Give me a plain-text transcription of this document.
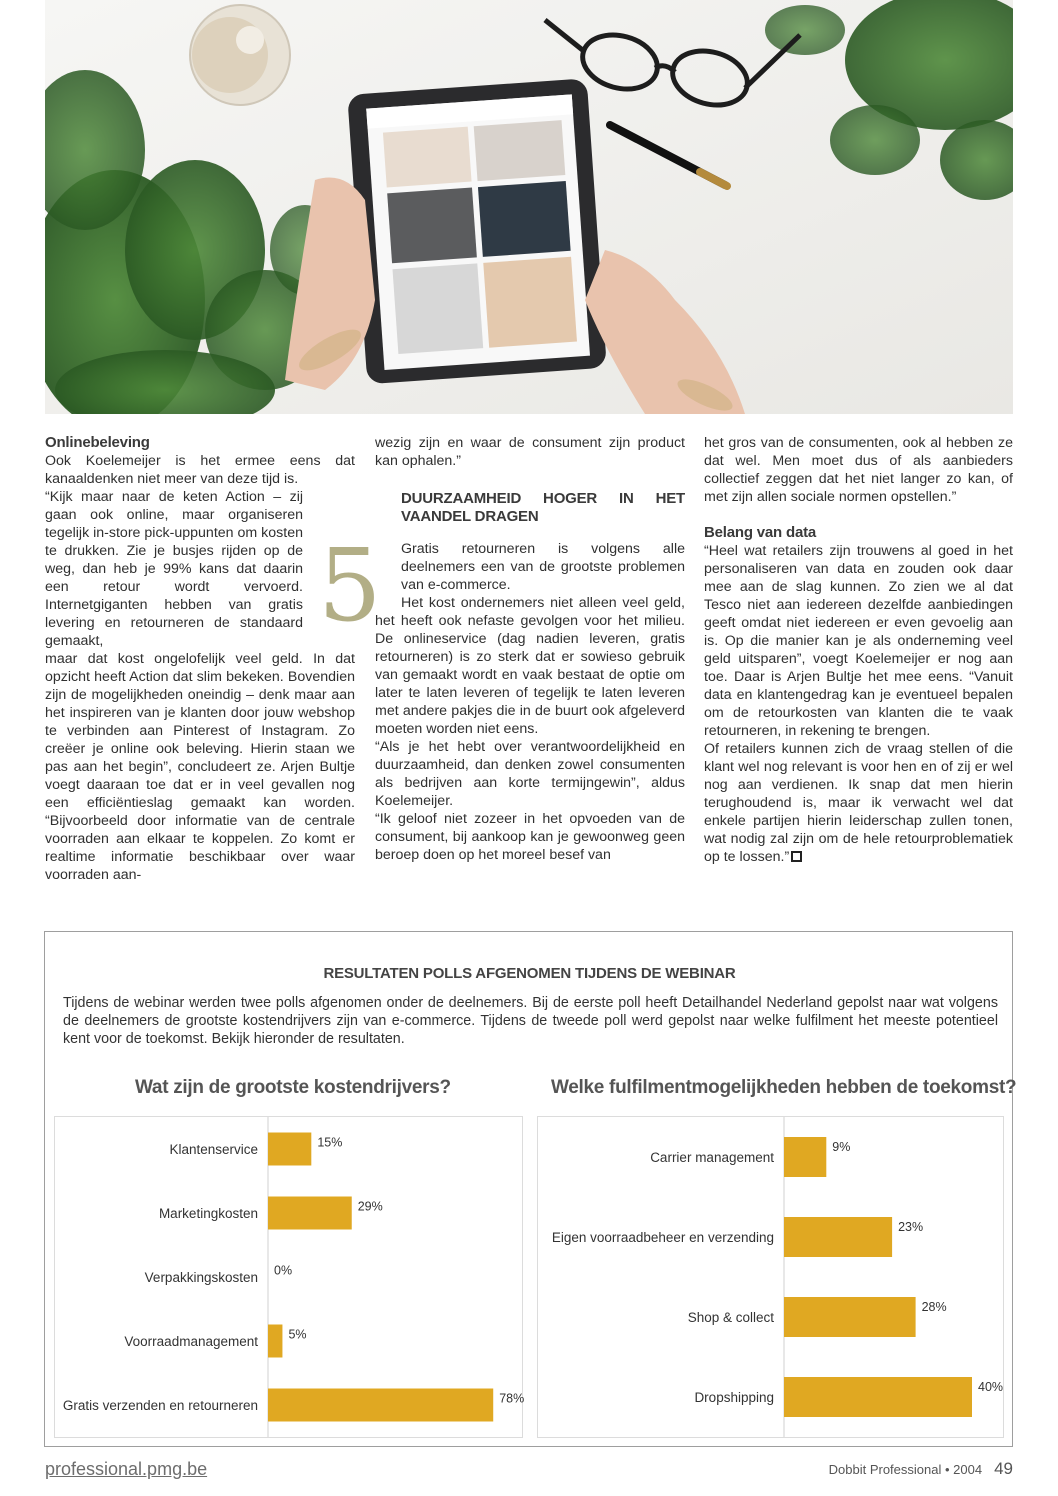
Onlinebeleving

Ook Koelemeijer is het ermee eens dat kanaaldenken niet meer van deze tijd is.

“Kijk maar naar de keten Action – zij gaan ook online, maar organiseren tegelijk in-store pick-uppunten om kosten te drukken. Zie je busjes rijden op de weg, dan heb je 99% kans dat daarin een retour wordt vervoerd. Internetgiganten hebben van gratis levering en retourneren de standaard gemaakt,

maar dat kost ongelofelijk veel geld. In dat opzicht heeft Action dat slim bekeken. Bovendien zijn de mogelijkheden oneindig – denk maar aan het inspireren van je klanten door jouw webshop te verbinden aan Pinterest of Instagram. Zo creëer je online ook beleving. Hierin staan we pas aan het begin”, concludeert ze. Arjen Bultje voegt daaraan toe dat er in veel gevallen nog een efficiëntieslag gemaakt kan worden. “Bijvoorbeeld door informatie van de centrale voorraden aan elkaar te koppelen. Zo komt er realtime informatie beschikbaar over waar voorraden aan-

5

wezig zijn en waar de consument zijn product kan ophalen.”

DUURZAAMHEID HOGER IN HET VAANDEL DRAGEN

Gratis retourneren is volgens alle deelnemers een van de grootste problemen van e-commerce.

Het kost ondernemers niet alleen veel geld, het heeft ook nefaste gevolgen voor het milieu. De onlineservice (dag nadien leveren, gratis retourneren) is zo sterk dat er sowieso gebruik van gemaakt wordt en vaak bestaat de optie om later te laten leveren of tegelijk te laten leveren met andere pakjes die in de buurt ook afgeleverd moeten worden niet eens.

“Als je het hebt over verantwoordelijkheid en duurzaamheid, dan denken zowel consumenten als bedrijven aan korte termijngewin”, aldus Koelemeijer.

“Ik geloof niet zozeer in het opvoeden van de consument, bij aankoop kan je gewoonweg geen beroep doen op het moreel besef van

het gros van de consumenten, ook al hebben ze dat wel. Men moet dus of als aanbieders collectief zeggen dat het niet langer zo kan, of met zijn allen sociale normen opstellen.”

Belang van data

“Heel wat retailers zijn trouwens al goed in het personaliseren van data en zouden ook daar mee aan de slag kunnen. Zo zien we al dat Tesco niet aan iedereen dezelfde aanbiedingen geeft omdat niet iedereen er even gevoelig aan is. Op die manier kan je als onderneming veel geld uitsparen”, voegt Koelemeijer er nog aan toe. Daar is Arjen Bultje het mee eens. “Vanuit data en klantengedrag kan je eventueel bepalen om de retourkosten van klanten die te vaak retourneren, in rekening te brengen.

Of retailers kunnen zich de vraag stellen of die klant wel nog relevant is voor hen en of zij er wel nog aan verdienen. Ik snap dat men hierin terughoudend is, maar ik verwacht wel dat enkele partijen hierin leiderschap zullen tonen, wat nodig zal zijn om de hele retourproblematiek op te lossen.”

RESULTATEN POLLS AFGENOMEN TIJDENS DE WEBINAR
Tijdens de webinar werden twee polls afgenomen onder de deelnemers. Bij de eerste poll heeft Detailhandel Nederland gepolst naar wat volgens de deelnemers de grootste kostendrijvers zijn van e-commerce. Tijdens de tweede poll werd gepolst naar welke fulfilment het meeste potentieel kent voor de toekomst. Bekijk hieronder de resultaten.
Wat zijn de grootste kostendrijvers?
Klantenservice	15%
Marketingkosten	29%
Verpakkingskosten 0%
Voorraadmanagement 5%
Gratis verzenden en retourneren	78%
Welke fulfilmentmogelijkheden hebben de toekomst?
Carrier management
9%
Eigen voorraadbeheer en verzending
23%
Shop & collect
28%
Dropshipping
40%
professional.pmg.be	Dobbit Professional • 2004 49
